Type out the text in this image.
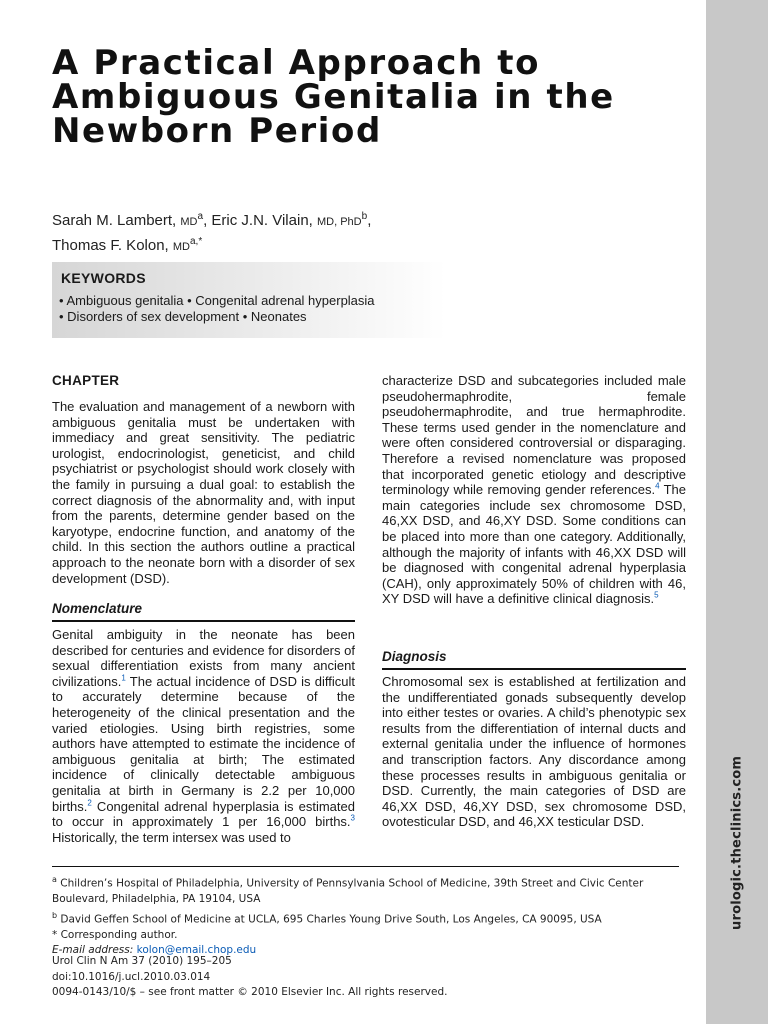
urologic.theclinics.com
A Practical Approach to Ambiguous Genitalia in the Newborn Period
Sarah M. Lambert, $MD^a$, Eric J.N. Vilain, MD, PhD$^b$,
Thomas F. Kolon, $MD^{a,*}$
KEYWORDS
• Ambiguous genitalia • Congenital adrenal hyperplasia
• Disorders of sex development • Neonates
CHAPTER

The evaluation and management of a newborn with ambiguous genitalia must be undertaken with immediacy and great sensitivity. The pediatric urologist, endocrinologist, geneticist, and child psychiatrist or psychologist should work closely with the family in pursuing a dual goal: to establish the correct diagnosis of the abnormality and, with input from the parents, determine gender based on the karyotype, endocrine function, and anatomy of the child. In this section the authors outline a practical approach to the neonate born with a disorder of sex development (DSD).

Nomenclature

Genital ambiguity in the neonate has been described for centuries and evidence for disorders of sexual differentiation exists from many ancient civilizations.$^1$ The actual incidence of DSD is difficult to accurately determine because of the heterogeneity of the clinical presentation and the varied etiologies. Using birth registries, some authors have attempted to estimate the incidence of ambiguous genitalia at birth; The estimated incidence of clinically detectable ambiguous genitalia at birth in Germany is 2.2 per 10,000 births.$^2$ Congenital adrenal hyperplasia is estimated to occur in approximately 1 per 16,000 births.$^3$ Historically, the term intersex was used to

characterize DSD and subcategories included male pseudohermaphrodite, female pseudohermaphrodite, and true hermaphrodite. These terms used gender in the nomenclature and were often considered controversial or disparaging. Therefore a revised nomenclature was proposed that incorporated genetic etiology and descriptive terminology while removing gender references.$^4$ The main categories include sex chromosome DSD, 46,XX DSD, and 46,XY DSD. Some conditions can be placed into more than one category. Additionally, although the majority of infants with 46,XX DSD will be diagnosed with congenital adrenal hyperplasia (CAH), only approximately 50% of children with 46, XY DSD will have a definitive clinical diagnosis.$^5$

Diagnosis

Chromosomal sex is established at fertilization and the undifferentiated gonads subsequently develop into either testes or ovaries. A child’s phenotypic sex results from the differentiation of internal ducts and external genitalia under the influence of hormones and transcription factors. Any discordance among these processes results in ambiguous genitalia or DSD. Currently, the main categories of DSD are 46,XX DSD, 46,XY DSD, sex chromosome DSD, ovotesticular DSD, and 46,XX testicular DSD.

$^a$ Children’s Hospital of Philadelphia, University of Pennsylvania School of Medicine, 39th Street and Civic Center Boulevard, Philadelphia, PA 19104, USA

$^b$ David Geffen School of Medicine at UCLA, 695 Charles Young Drive South, Los Angeles, CA 90095, USA

* Corresponding author.

E-mail address: kolon@email.chop.edu

Urol Clin N Am 37 (2010) 195–205

doi:10.1016/j.ucl.2010.03.014

0094-0143/10/$ – see front matter © 2010 Elsevier Inc. All rights reserved.
